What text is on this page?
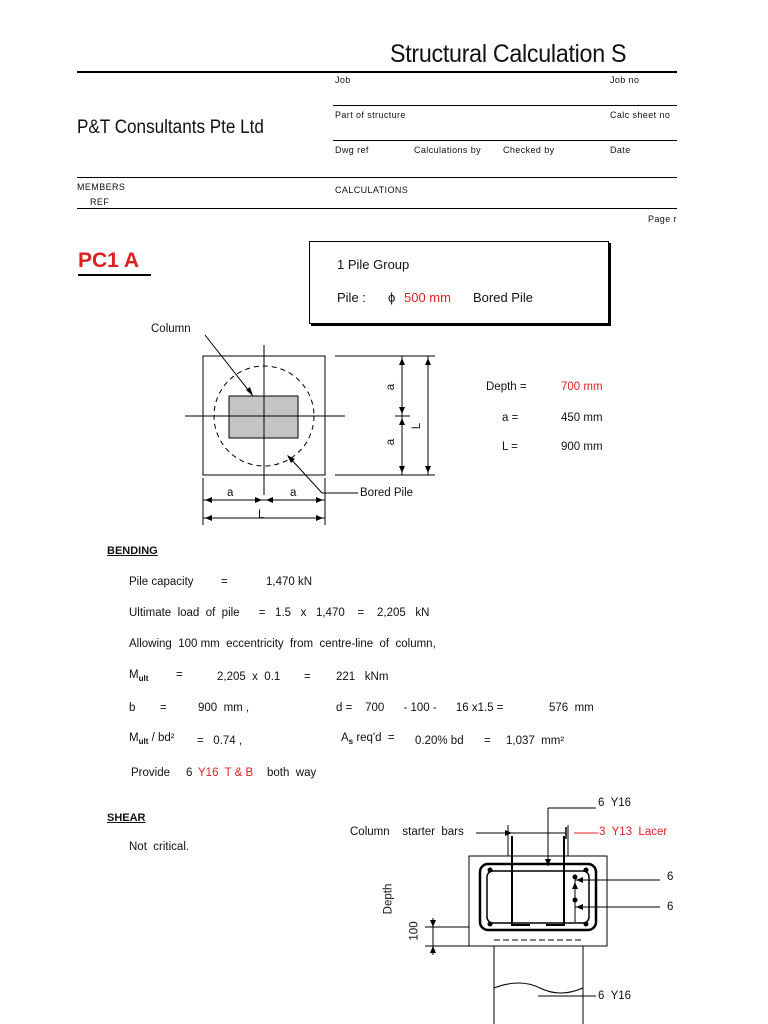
Structural Calculation S
Job	Job no
P&T Consultants Pte Ltd
Part of structure	Calc sheet no
Dwg ref	Calculations by Checked by	Date
MEMBERS
REF
CALCULATIONS
Page r
PC1 A	1 Pile Group
Pile : ϕ 500 mm Bored Pile
Column
Bored Pile
a	a
L
a
a
L
Depth =	700 mm
a =	450 mm
L =	900 mm
BENDING
Pile capacity =	1,470 kN
Ultimate  load  of  pile      =   1.5   x   1,470    =    2,205   kN
Allowing  100 mm  eccentricity  from  centre-line  of  column,
$M_{ult}$ =	2,205  x  0.1 = 221   kNm
b =	900  mm ,	d =    700      - 100 -      16 x1.5 =	576  mm
$M_{ult} / bd^2 = 0.74$ ,	$A_s$ req'd  = 0.20% bd = 1,037  mm²
Provide 6 Y16  T & B both  way
SHEAR
Not  critical.
6  Y16
Column    starter  bars	3  Y13  Lacer
6
6
Depth
100
6  Y16
